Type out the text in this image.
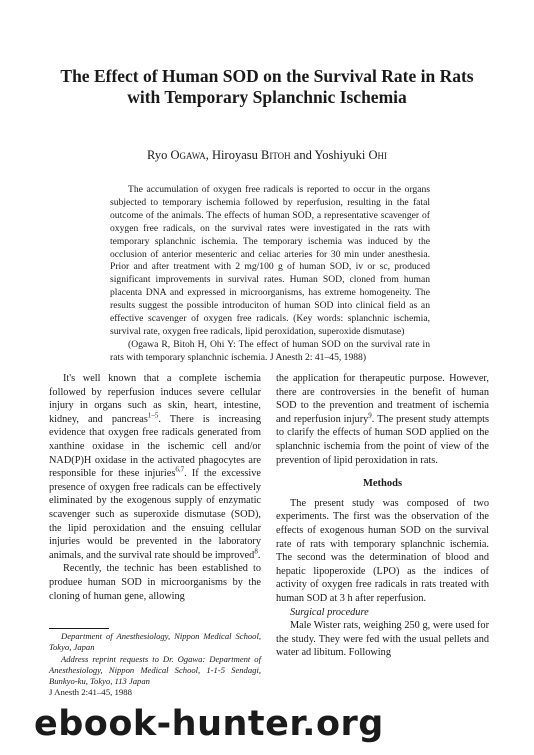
The Effect of Human SOD on the Survival Rate in Rats with Temporary Splanchnic Ischemia

Ryo Ogawa, Hiroyasu Bitoh and Yoshiyuki Ohi

The accumulation of oxygen free radicals is reported to occur in the organs subjected to temporary ischemia followed by reperfusion, resulting in the fatal outcome of the animals. The effects of human SOD, a representative scavenger of oxygen free radicals, on the survival rates were investigated in the rats with temporary splanchnic ischemia. The temporary ischemia was induced by the occlusion of anterior mesenteric and celiac arteries for 30 min under anesthesia. Prior and after treatment with 2 mg/100 g of human SOD, iv or sc, produced significant improvements in survival rates. Human SOD, cloned from human placenta DNA and expressed in microorganisms, has extreme homogeneity. The results suggest the possible introduciton of human SOD into clinical field as an effective scavenger of oxygen free radicals. (Key words: splanchnic ischemia, survival rate, oxygen free radicals, lipid peroxidation, superoxide dismutase)

(Ogawa R, Bitoh H, Ohi Y: The effect of human SOD on the survival rate in rats with temporary splanchnic ischemia. J Anesth 2: 41–45, 1988)

It's well known that a complete ischemia followed by reperfusion induces severe cellular injury in organs such as skin, heart, intestine, kidney, and pancreas$^{1-5}$. There is increasing evidence that oxygen free radicals generated from xanthine oxidase in the ischemic cell and/or NAD(P)H oxidase in the activated phagocytes are responsible for these injuries$^{6,7}$. If the excessive presence of oxygen free radicals can be effectively eliminated by the exogenous supply of enzymatic scavenger such as superoxide dismutase (SOD), the lipid peroxidation and the ensuing cellular injuries would be prevented in the laboratory animals, and the survival rate should be improved$^8$.

Recently, the technic has been established to produee human SOD in microorganisms by the cloning of human gene, allowing

the application for therapeutic purpose. However, there are controversies in the benefit of human SOD to the prevention and treatment of ischemia and reperfusion injury$^9$. The present study attempts to clarify the effects of human SOD applied on the splanchnic ischemia from the point of view of the prevention of lipid peroxidation in rats.

Methods

The present study was composed of two experiments. The first was the observation of the effects of exogenous human SOD on the survival rate of rats with temporary splanchnic ischemia. The second was the determination of blood and hepatic lipoperoxide (LPO) as the indices of activity of oxygen free radicals in rats treated with human SOD at 3 h after reperfusion.

Surgical procedure

Male Wister rats, weighing 250 g, were used for the study. They were fed with the usual pellets and water ad libitum. Following

Department of Anesthesiology, Nippon Medical School, Tokyo, Japan

Address reprint requests to Dr. Ogawa: Department of Anesthesiology, Nippon Medical School, 1-1-5 Sendagi, Bunkyo-ku, Tokyo, 113 Japan

J Anesth 2:41–45, 1988

ebook-hunter.org
